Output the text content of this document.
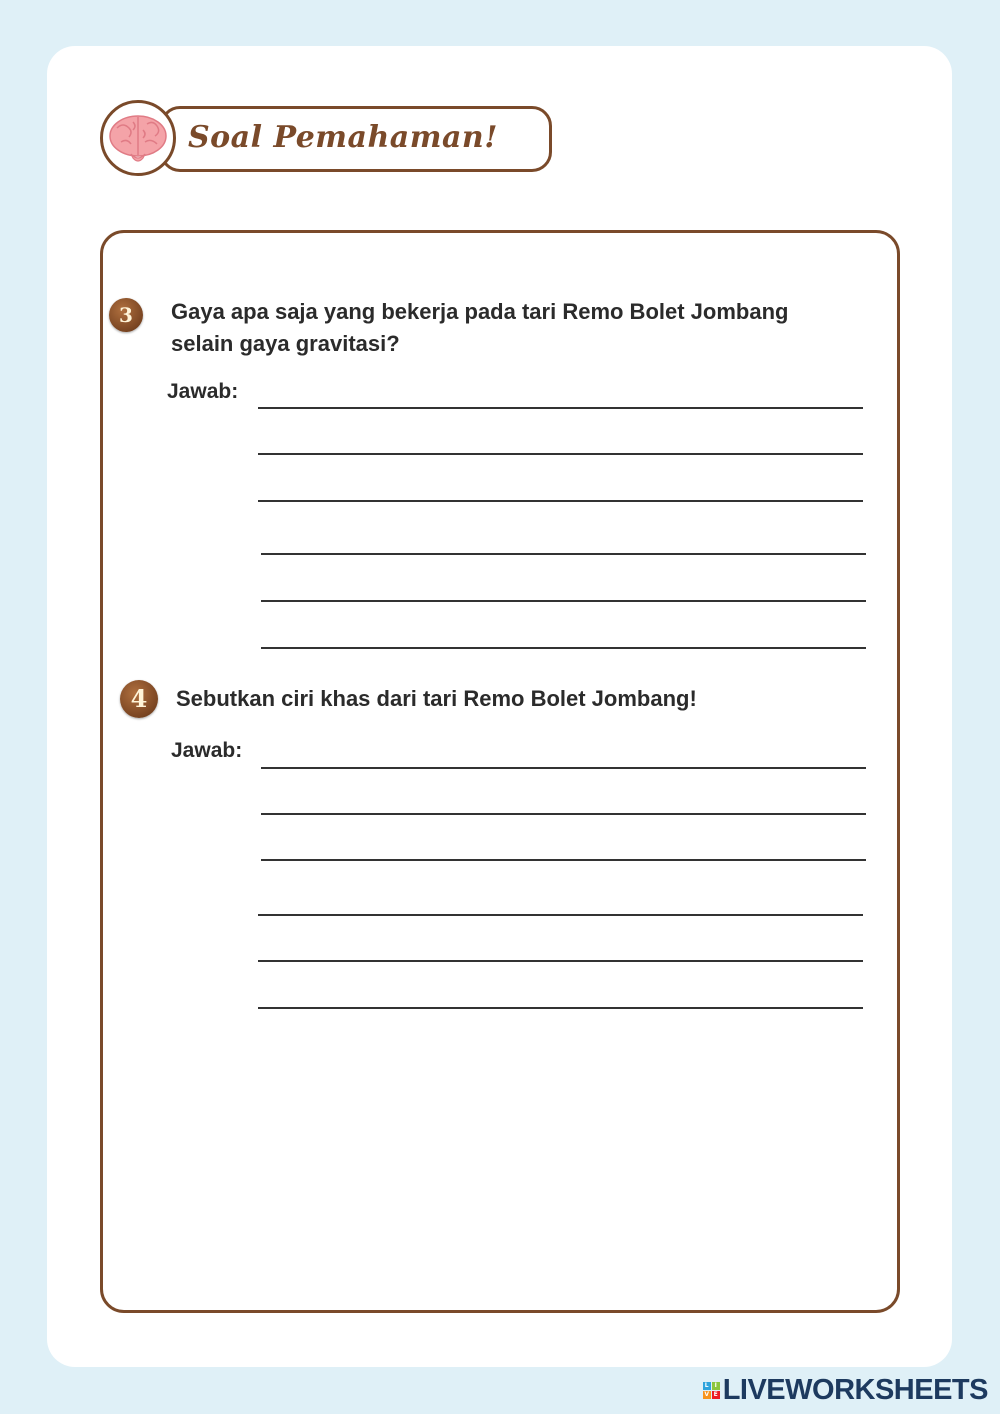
Soal Pemahaman!
3	Gaya apa saja yang bekerja pada tari Remo Bolet Jombang
selain gaya gravitasi?
Jawab:
4	Sebutkan ciri khas dari tari Remo Bolet Jombang!
Jawab:
L I
V E LIVEWORKSHEETS
